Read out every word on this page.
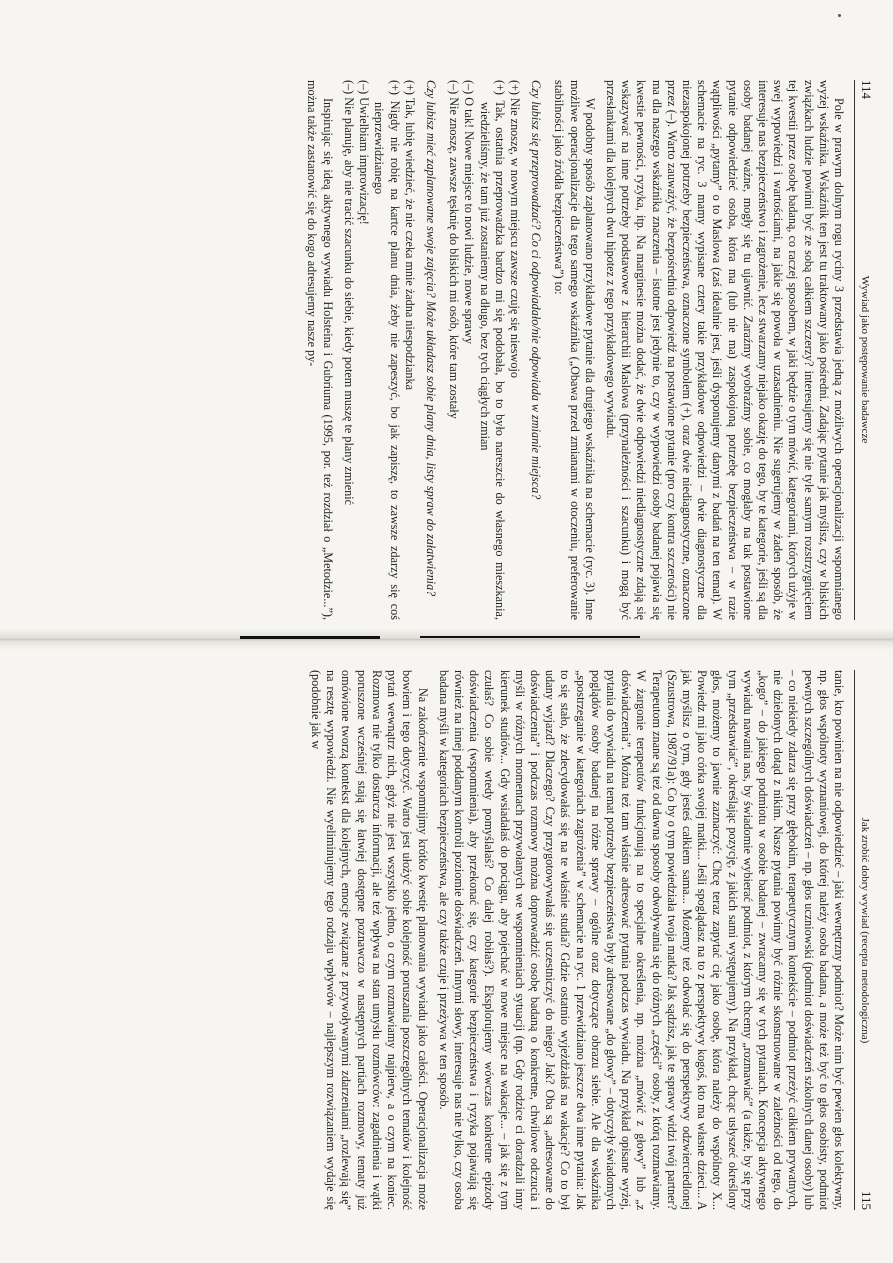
114
Wywiad jako postępowanie badawcze

Pole w prawym dolnym rogu ryciny 3 przedstawia jedną z możliwych operacjonalizacji wspomnianego wyżej wskaźnika. Wskaźnik ten jest tu traktowany jako pośredni. Zadając pytanie jak myślisz, czy w bliskich związkach ludzie powinni być ze sobą całkiem szczerzy? interesujemy się nie tyle samym rozstrzygnięciem tej kwestii przez osobę badaną, co raczej sposobem, w jaki będzie o tym mówić, kategoriami, których użyje w swej wypowiedzi i wartościami, na jakie się powoła w uzasadnieniu. Nie sugerujemy w żaden sposób, że interesuje nas bezpieczeństwo i zagrożenie, lecz stwarzamy niejako okazję do tego, by te kategorie, jeśli są dla osoby badanej ważne, mogły się tu ujawnić. Zaraźmy wyobraźmy sobie, co mogłaby na tak postawione pytanie odpowiedzieć osoba, która ma (lub nie ma) zaspokojoną potrzebę bezpieczeństwa – w razie wątpliwości „pytamy” o to Maslowa (zaś idealnie jest, jeśli dysponujemy danymi z badań na ten temat). W schemacie na ryc. 3 mamy wypisane cztery takie przykładowe odpowiedzi – dwie diagnostyczne dla niezaspokojonej potrzeby bezpieczeństwa, oznaczone symbolem (+), oraz dwie niediagnostyczne, oznaczone przez (–). Warto zauważyć, że bezpośrednia odpowiedź na postawione pytanie (pro czy kontra szczerości) nie ma dla naszego wskaźnika znaczenia – istotne jest jedynie to, czy w wypowiedzi osoby badanej pojawia się kwestie pewności, ryzyka, itp. Na marginesie można dodać, że dwie odpowiedzi niediagnostyczne zdają się wskazywać na inne potrzeby podstawowe z hierarchii Maslowa (przynależności i szacunku) i mogą być przesłankami dla kolejnych dwu hipotez z tego przykładowego wywiadu.

W podobny sposób zaplanowano przykładowe pytanie dla drugiego wskaźnika na schemacie (ryc. 3). Inne możliwe operacjonalizacje dla tego samego wskaźnika („Obawa przed zmianami w otoczeniu, preferowanie stabilności jako źródła bezpieczeństwa”) to:

Czy lubisz się przeprowadzać? Co ci odpowiadało/nie odpowiada w zmianie miejsca?

(+) Nie znoszę, w nowym miejscu zawsze czuję się nieswojo
(+) Tak, ostatnia przeprowadzka bardzo mi się podobała, bo to było nareszcie do własnego mieszkania, wiedzieliśmy, że tam już zostaniemy na długo, bez tych ciągłych zmian
(–) O tak! Nowe miejsce to nowi ludzie, nowe sprawy
(–) Nie znoszę, zawsze tęsknię do bliskich mi osób, które tam zostały

Czy lubisz mieć zaplanowane swoje zajęcia? Może układasz sobie plany dnia, listy spraw do załatwienia?

(+) Tak, lubię wiedzieć, że nie czeka mnie żadna niespodzianka
(+) Nigdy nie robię na kartce planu dnia, żeby nie zapeszyć, bo jak zapiszę, to zawsze zdarzy się coś nieprzewidzianego
(–) Uwielbiam improwizację!
(–) Nie planuję, aby nie tracić szacunku do siebie, kiedy potem muszę te plany zmienić

Inspirując się ideą aktywnego wywiadu Holsteina i Gubriuma (1995, por. też rozdział o „Metodzie...”), można także zastanowić się do kogo adresujemy nasze py-

Jak zrobić dobry wywiad (recepta metodologiczna)
115

tanie, kto powinien na nie odpowiedzieć – jaki wewnętrzny podmiot? Może nim być pewien głos kolektywny, np. głos wspólnoty wyznaniowej, do której należy osoba badana, a może też być to głos osobisty, podmiot pewnych szczególnych doświadczeń – np. głos uczniowski (podmiot doświadczeń szkolnych danej osoby) lub – co niekiedy zdarza się przy głębokim, terapeutycznym kontekście – podmiot przeżyć całkiem prywatnych, nie dzielonych dotąd z nikim. Nasze pytania powinny być różnie skonstruowane w zależności od tego, do „kogo” – do jakiego podmiotu w osobie badanej – zwracamy się w tych pytaniach. Koncepcja aktywnego wywiadu nawania nas, by świadomie wybierać podmiot, z którym chcemy „rozmawiać” (a także, by się przy tym „przedstawiać”, określając pozycję, z jakich sami występujemy). Na przykład, chcąc usłyszeć określony głos, możemy to jawnie zaznaczyć: Chcę teraz zapytać cię jako osobę, która należy do wspólnoty X... Powiedz mi jako córka swojej matki... Jeśli spoglądasz na to z perspektywy kogoś, kto ma własne dzieci... A jak myślisz o tym, gdy jesteś całkiem sama... Możemy też odwołać się do perspektywy odzwierciedlonej (Szustrowa, 1987/91a): Co by o tym powiedziała twoja matka? Jak sądzisz, jak te sprawy widzi twój partner? Terapeutom znane są też od dawna sposoby odwoływania się do różnych „części” osoby, z którą rozmawiamy. W żargonie terapeutów funkcjonują na to specjalne określenia, np. można „mówić z głowy” lub „z doświadczenia”. Można też tam właśnie adresować pytania podczas wywiadu. Na przykład opisane wyżej, pytania do wywiadu na temat potrzeby bezpieczeństwa były adresowane „do głowy” – dotyczyły świadomych poglądów osoby badanej na różne sprawy – ogólne oraz dotyczące obrazu siebie. Ale dla wskaźnika „spostrzeganie w kategoriach zagrożenia” w schemacie na ryc. 1 przewidziano jeszcze dwa inne pytania: Jak to się stało, że zdecydowałaś się na te właśnie studia? Gdzie ostatnio wyjeżdżałaś na wakacje? Co to był udany wyjazd? Dlaczego? Czy przygotowywałaś się uczestniczyć do niego? Jak? Oba są „adresowane do doświadczenia” i podczas rozmowy można doprowadzić osobę badaną o konkretne, chwilowe odczucia i myśli w różnych momentach przywołanych we wspomnieniach sytuacji (np. Gdy rodzice ci doradzali inny kierunek studiów... Gdy wsiadałaś do pociągu, aby pojechać w nowe miejsce na wakacje... – jak się z tym czułaś? Co sobie wtedy pomyślałaś? Co dalej robiłaś?). Eksplorujemy wówczas konkretne epizody doświadczenia (wspomnienia), aby przekonać się, czy kategorie bezpieczeństwa i ryzyka pojawiają się również na innej poddanym kontroli poziomie doświadczeń. Innymi słowy, interesuje nas nie tylko, czy osoba badana myśli w kategoriach bezpieczeństwa, ale czy także czuje i przeżywa w ten sposób.

Na zakończenie wspomnijmy krótko kwestię planowania wywiadu jako całości. Operacjonalizacja może bowiem i tego dotyczyć. Warto jest ułożyć sobie kolejność poruszania poszczególnych tematów i kolejność pytań wewnątrz nich, gdyż nie jest wszystko jedno, o czym rozmawiamy najpierw, a o czym na koniec. Rozmowa nie tylko dostarcza informacji, ale też wpływa na stan umysłu rozmówców: zagadnienia i wątki poruszone wcześniej stają się łatwiej dostępne poznawczo w następnych partiach rozmowy, tematy już omówione tworzą kontekst dla kolejnych, emocje związane z przywoływanymi zdarzeniami „rozlewają się” na resztę wypowiedzi. Nie wyeliminujemy tego rodzaju wpływów – najlepszym rozwiązaniem wydaje się (podobnie jak w
